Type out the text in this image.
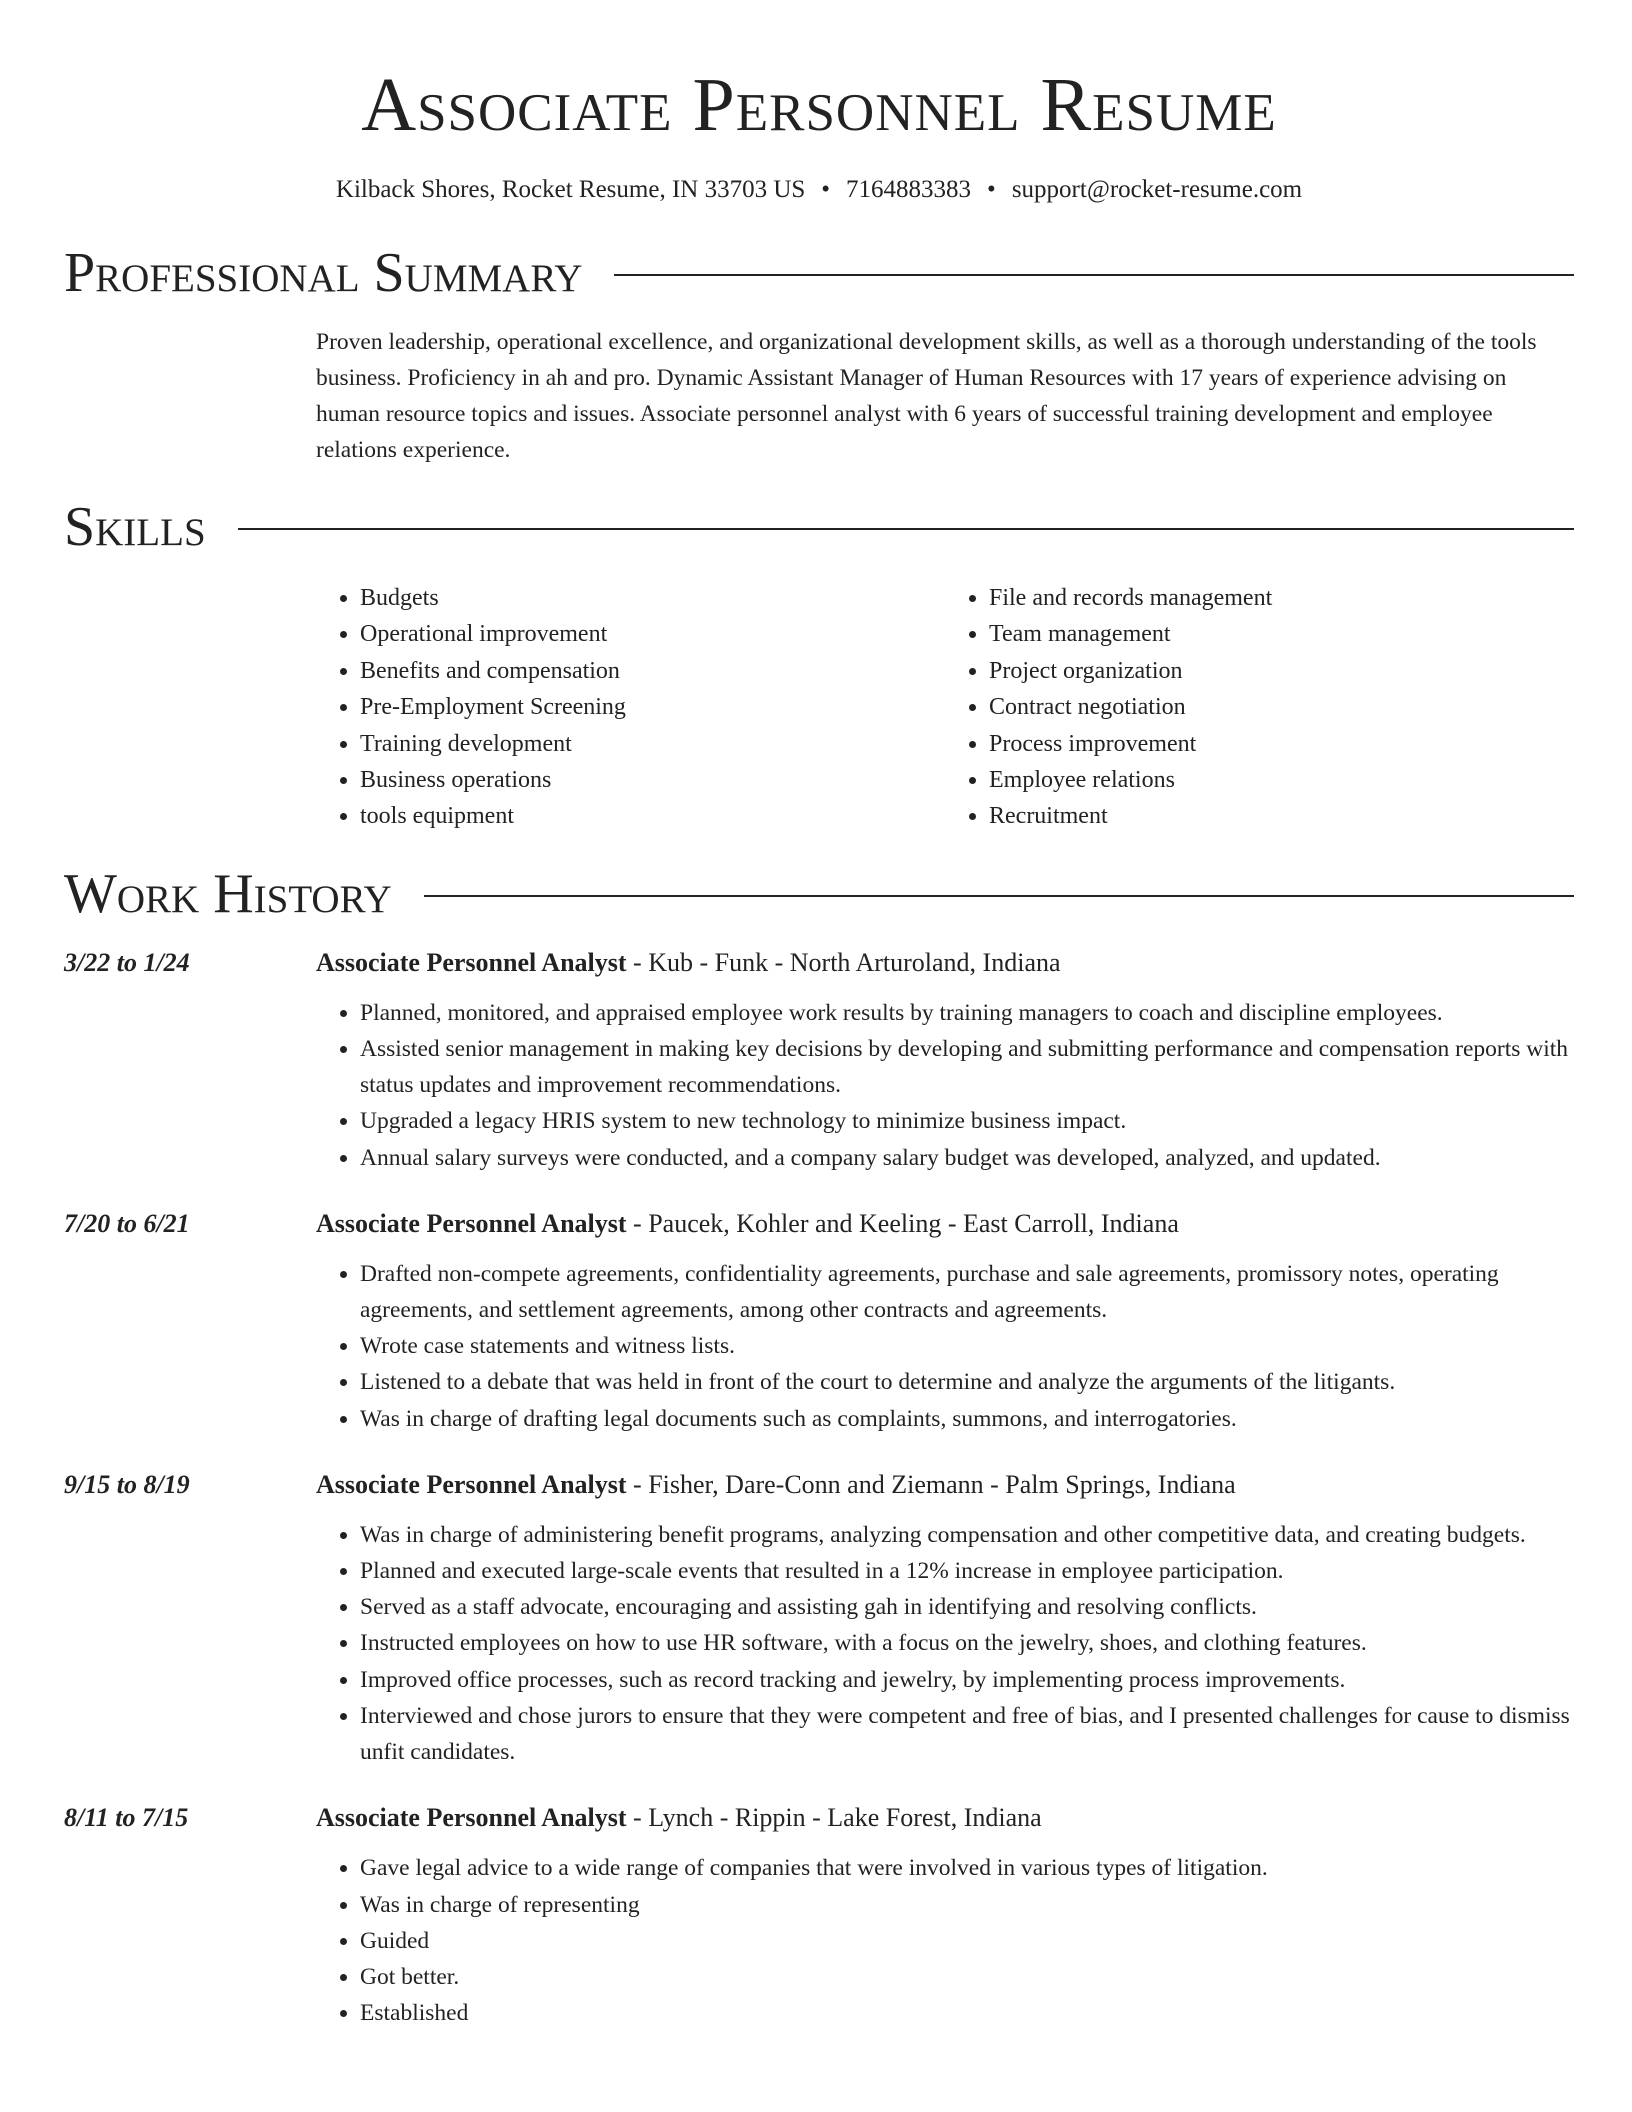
Associate Personnel Resume
Kilback Shores, Rocket Resume, IN 33703 US • 7164883383 • support@rocket-resume.com
Professional Summary
Proven leadership, operational excellence, and organizational development skills, as well as a thorough understanding of the tools business. Proficiency in ah and pro. Dynamic Assistant Manager of Human Resources with 17 years of experience advising on human resource topics and issues. Associate personnel analyst with 6 years of successful training development and employee relations experience.
Skills
• Budgets
• Operational improvement
• Benefits and compensation
• Pre-Employment Screening
• Training development
• Business operations
• tools equipment
• File and records management
• Team management
• Project organization
• Contract negotiation
• Process improvement
• Employee relations
• Recruitment
Work History
3/22 to 1/24	Associate Personnel Analyst - Kub - Funk - North Arturoland, Indiana
• Planned, monitored, and appraised employee work results by training managers to coach and discipline employees.
• Assisted senior management in making key decisions by developing and submitting performance and compensation reports with status updates and improvement recommendations.
• Upgraded a legacy HRIS system to new technology to minimize business impact.
• Annual salary surveys were conducted, and a company salary budget was developed, analyzed, and updated.
7/20 to 6/21	Associate Personnel Analyst - Paucek, Kohler and Keeling - East Carroll, Indiana
• Drafted non-compete agreements, confidentiality agreements, purchase and sale agreements, promissory notes, operating agreements, and settlement agreements, among other contracts and agreements.
• Wrote case statements and witness lists.
• Listened to a debate that was held in front of the court to determine and analyze the arguments of the litigants.
• Was in charge of drafting legal documents such as complaints, summons, and interrogatories.
9/15 to 8/19	Associate Personnel Analyst - Fisher, Dare-Conn and Ziemann - Palm Springs, Indiana
• Was in charge of administering benefit programs, analyzing compensation and other competitive data, and creating budgets.
• Planned and executed large-scale events that resulted in a 12% increase in employee participation.
• Served as a staff advocate, encouraging and assisting gah in identifying and resolving conflicts.
• Instructed employees on how to use HR software, with a focus on the jewelry, shoes, and clothing features.
• Improved office processes, such as record tracking and jewelry, by implementing process improvements.
• Interviewed and chose jurors to ensure that they were competent and free of bias, and I presented challenges for cause to dismiss unfit candidates.
8/11 to 7/15	Associate Personnel Analyst - Lynch - Rippin - Lake Forest, Indiana
• Gave legal advice to a wide range of companies that were involved in various types of litigation.
• Was in charge of representing
• Guided
• Got better.
• Established
